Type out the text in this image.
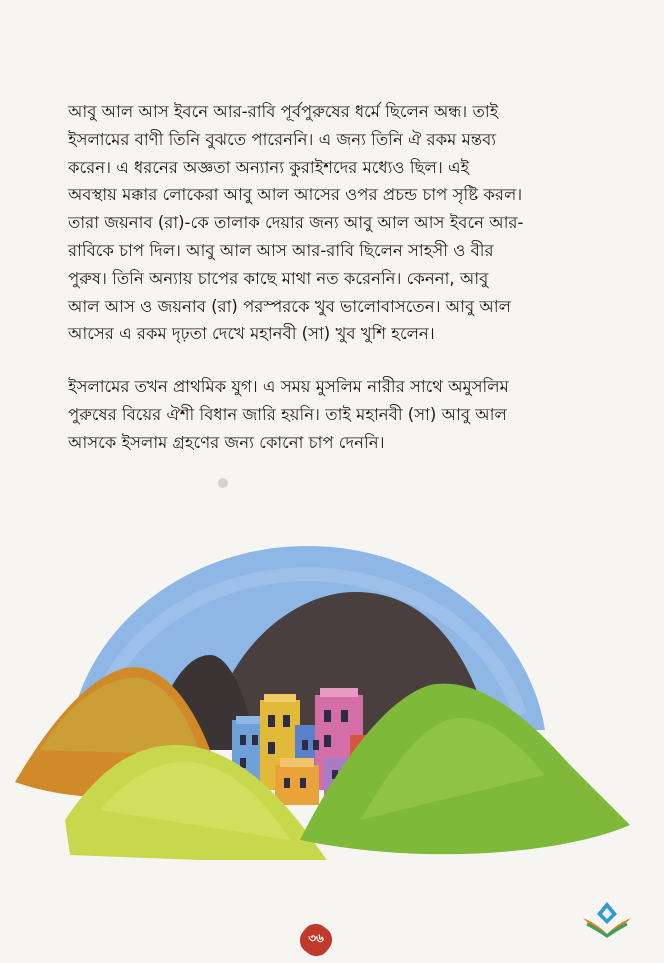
আবু আল আস ইবনে আর-রাবি পূর্বপুরুষের ধর্মে ছিলেন অন্ধ। তাই
ইসলামের বাণী তিনি বুঝতে পারেননি। এ জন্য তিনি ঐ রকম মন্তব্য
করেন। এ ধরনের অজ্ঞতা অন্যান্য কুরাইশদের মধ্যেও ছিল। এই
অবস্থায় মক্কার লোকেরা আবু আল আসের ওপর প্রচন্ড চাপ সৃষ্টি করল।
তারা জয়নাব (রা)-কে তালাক দেয়ার জন্য আবু আল আস ইবনে আর-
রাবিকে চাপ দিল। আবু আল আস আর-রাবি ছিলেন সাহসী ও বীর
পুরুষ। তিনি অন্যায় চাপের কাছে মাথা নত করেননি। কেননা, আবু
আল আস ও জয়নাব (রা) পরস্পরকে খুব ভালোবাসতেন। আবু আল
আসের এ রকম দৃঢ়তা দেখে মহানবী (সা) খুব খুশি হলেন।
ইসলামের তখন প্রাথমিক যুগ। এ সময় মুসলিম নারীর সাথে অমুসলিম
পুরুষের বিয়ের ঐশী বিধান জারি হয়নি। তাই মহানবী (সা) আবু আল
আসকে ইসলাম গ্রহণের জন্য কোনো চাপ দেননি।
৩৬
